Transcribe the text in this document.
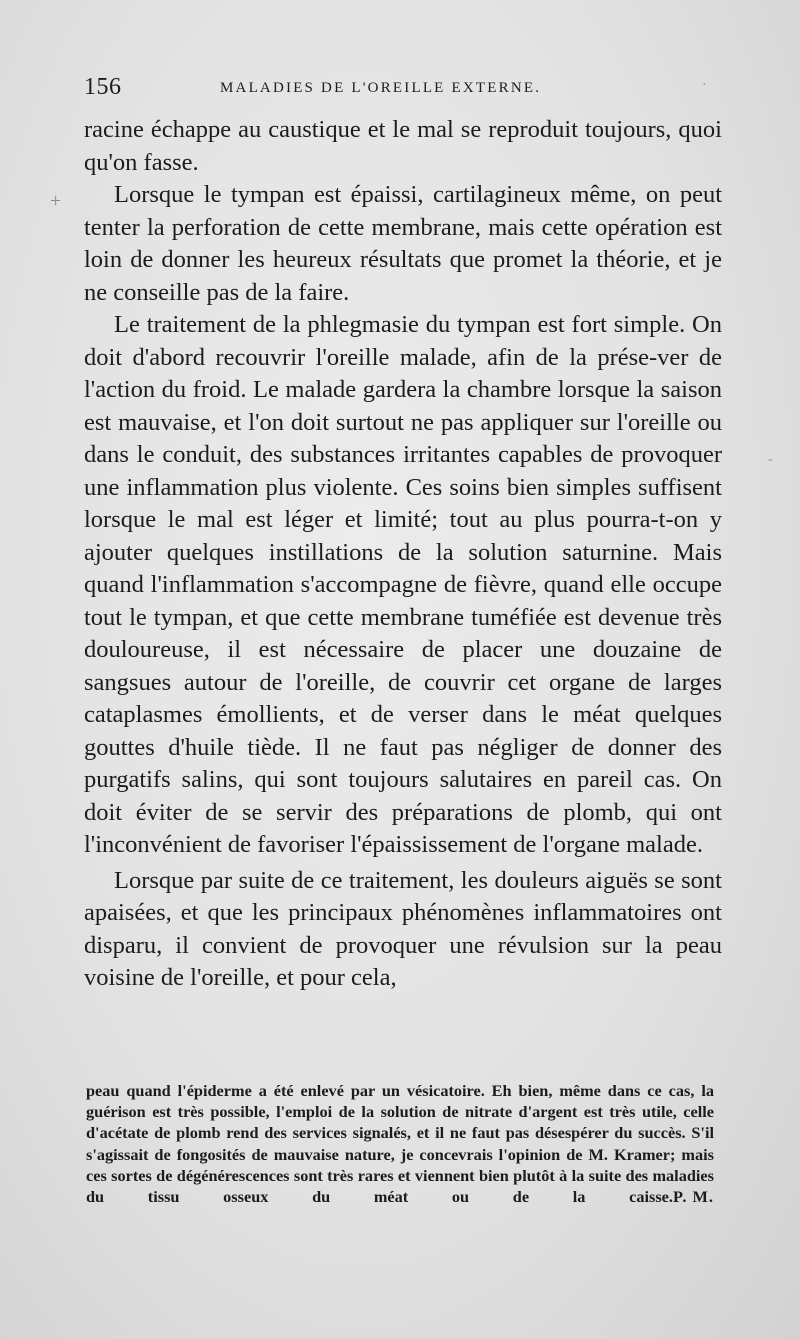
156	MALADIES DE L'OREILLE EXTERNE.

racine échappe au caustique et le mal se reproduit toujours, quoi qu'on fasse.

Lorsque le tympan est épaissi, cartilagineux même, on peut tenter la perforation de cette membrane, mais cette opération est loin de donner les heureux résultats que promet la théorie, et je ne conseille pas de la faire.

Le traitement de la phlegmasie du tympan est fort simple. On doit d'abord recouvrir l'oreille malade, afin de la prése-ver de l'action du froid. Le malade gardera la chambre lorsque la saison est mauvaise, et l'on doit surtout ne pas appliquer sur l'oreille ou dans le conduit, des substances irritantes capables de provoquer une inflammation plus violente. Ces soins bien simples suffisent lorsque le mal est léger et limité; tout au plus pourra-t-on y ajouter quelques instillations de la solution saturnine. Mais quand l'inflammation s'accompagne de fièvre, quand elle occupe tout le tympan, et que cette membrane tuméfiée est devenue très douloureuse, il est nécessaire de placer une douzaine de sangsues autour de l'oreille, de couvrir cet organe de larges cataplasmes émollients, et de verser dans le méat quelques gouttes d'huile tiède. Il ne faut pas négliger de donner des purgatifs salins, qui sont toujours salutaires en pareil cas. On doit éviter de se servir des préparations de plomb, qui ont l'inconvénient de favoriser l'épaississement de l'organe malade.

Lorsque par suite de ce traitement, les douleurs aiguës se sont apaisées, et que les principaux phénomènes inflammatoires ont disparu, il convient de provoquer une révulsion sur la peau voisine de l'oreille, et pour cela,

peau quand l'épiderme a été enlevé par un vésicatoire. Eh bien, même dans ce cas, la guérison est très possible, l'emploi de la solution de nitrate d'argent est très utile, celle d'acétate de plomb rend des services signalés, et il ne faut pas désespérer du succès. S'il s'agissait de fongosités de mauvaise nature, je concevrais l'opinion de M. Kramer; mais ces sortes de dégénérescences sont très rares et viennent bien plutôt à la suite des maladies du tissu osseux du méat ou de la caisse. P. M.

+
·
-
